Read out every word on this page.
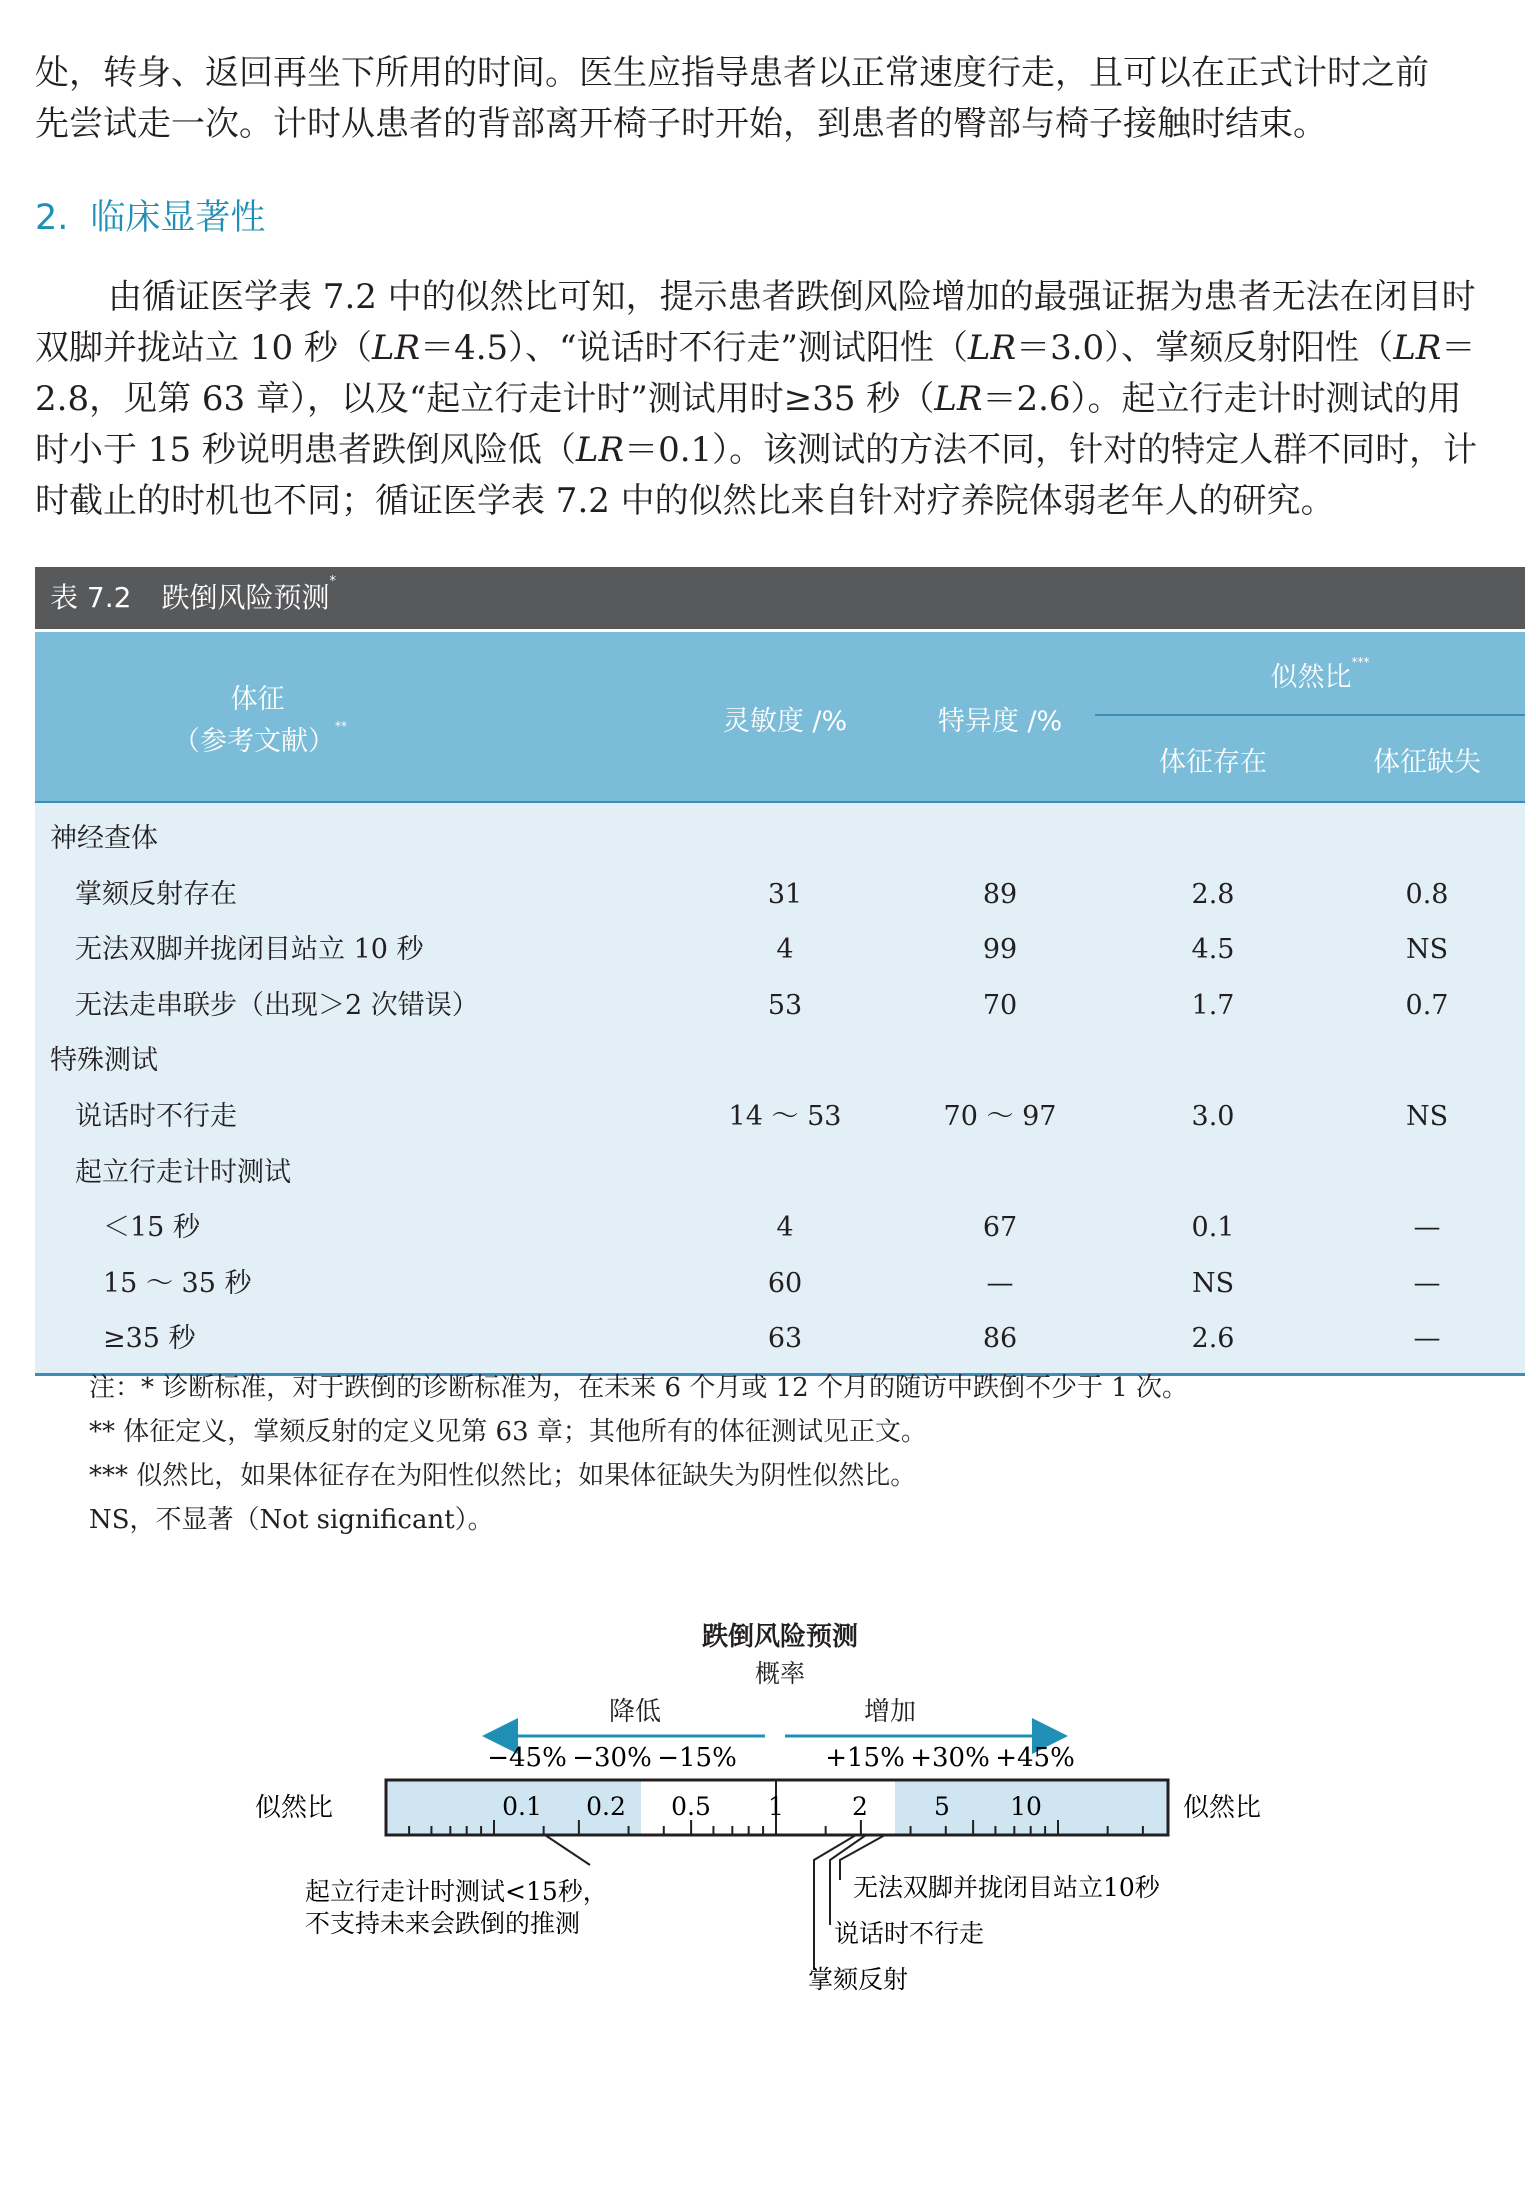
处，转身、返回再坐下所用的时间。医生应指导患者以正常速度行走，且可以在正式计时之前

先尝试走一次。计时从患者的背部离开椅子时开始，到患者的臀部与椅子接触时结束。

2. 临床显著性

由循证医学表 7.2 中的似然比可知，提示患者跌倒风险增加的最强证据为患者无法在闭目时

双脚并拢站立 10 秒（LR＝4.5）、“说话时不行走”测试阳性（LR＝3.0）、掌颏反射阳性（LR＝

2.8，见第 63 章），以及“起立行走计时”测试用时≥35 秒（LR＝2.6）。起立行走计时测试的用

时小于 15 秒说明患者跌倒风险低（LR＝0.1）。该测试的方法不同，针对的特定人群不同时，计

时截止的时机也不同；循证医学表 7.2 中的似然比来自针对疗养院体弱老年人的研究。

表 7.2 跌倒风险预测*
体征
（参考文献）**	灵敏度 /%	特异度 /%
似然比***
体征存在	体征缺失
神经查体
掌颏反射存在	31	89	2.8	0.8
无法双脚并拢闭目站立 10 秒	4	99	4.5	NS
无法走串联步（出现＞2 次错误）	53	70	1.7	0.7
特殊测试
说话时不行走	14 ～ 53	70 ～ 97	3.0	NS
起立行走计时测试
＜15 秒	4	67	0.1	—
15 ～ 35 秒	60	—	NS	—
≥35 秒	63	86	2.6	—
注：* 诊断标准，对于跌倒的诊断标准为，在未来 6 个月或 12 个月的随访中跌倒不少于 1 次。
** 体征定义，掌颏反射的定义见第 63 章；其他所有的体征测试见正文。
*** 似然比，如果体征存在为阳性似然比；如果体征缺失为阴性似然比。
NS，不显著（Not significant）。
跌倒风险预测
概率
降低	增加
−45% −30% −15%	+15% +30% +45%
似然比	似然比
0.1 0.2 0.5 1	2	5 10
起立行走计时测试<15秒，
不支持未来会跌倒的推测
无法双脚并拢闭目站立10秒
说话时不行走
掌颏反射
